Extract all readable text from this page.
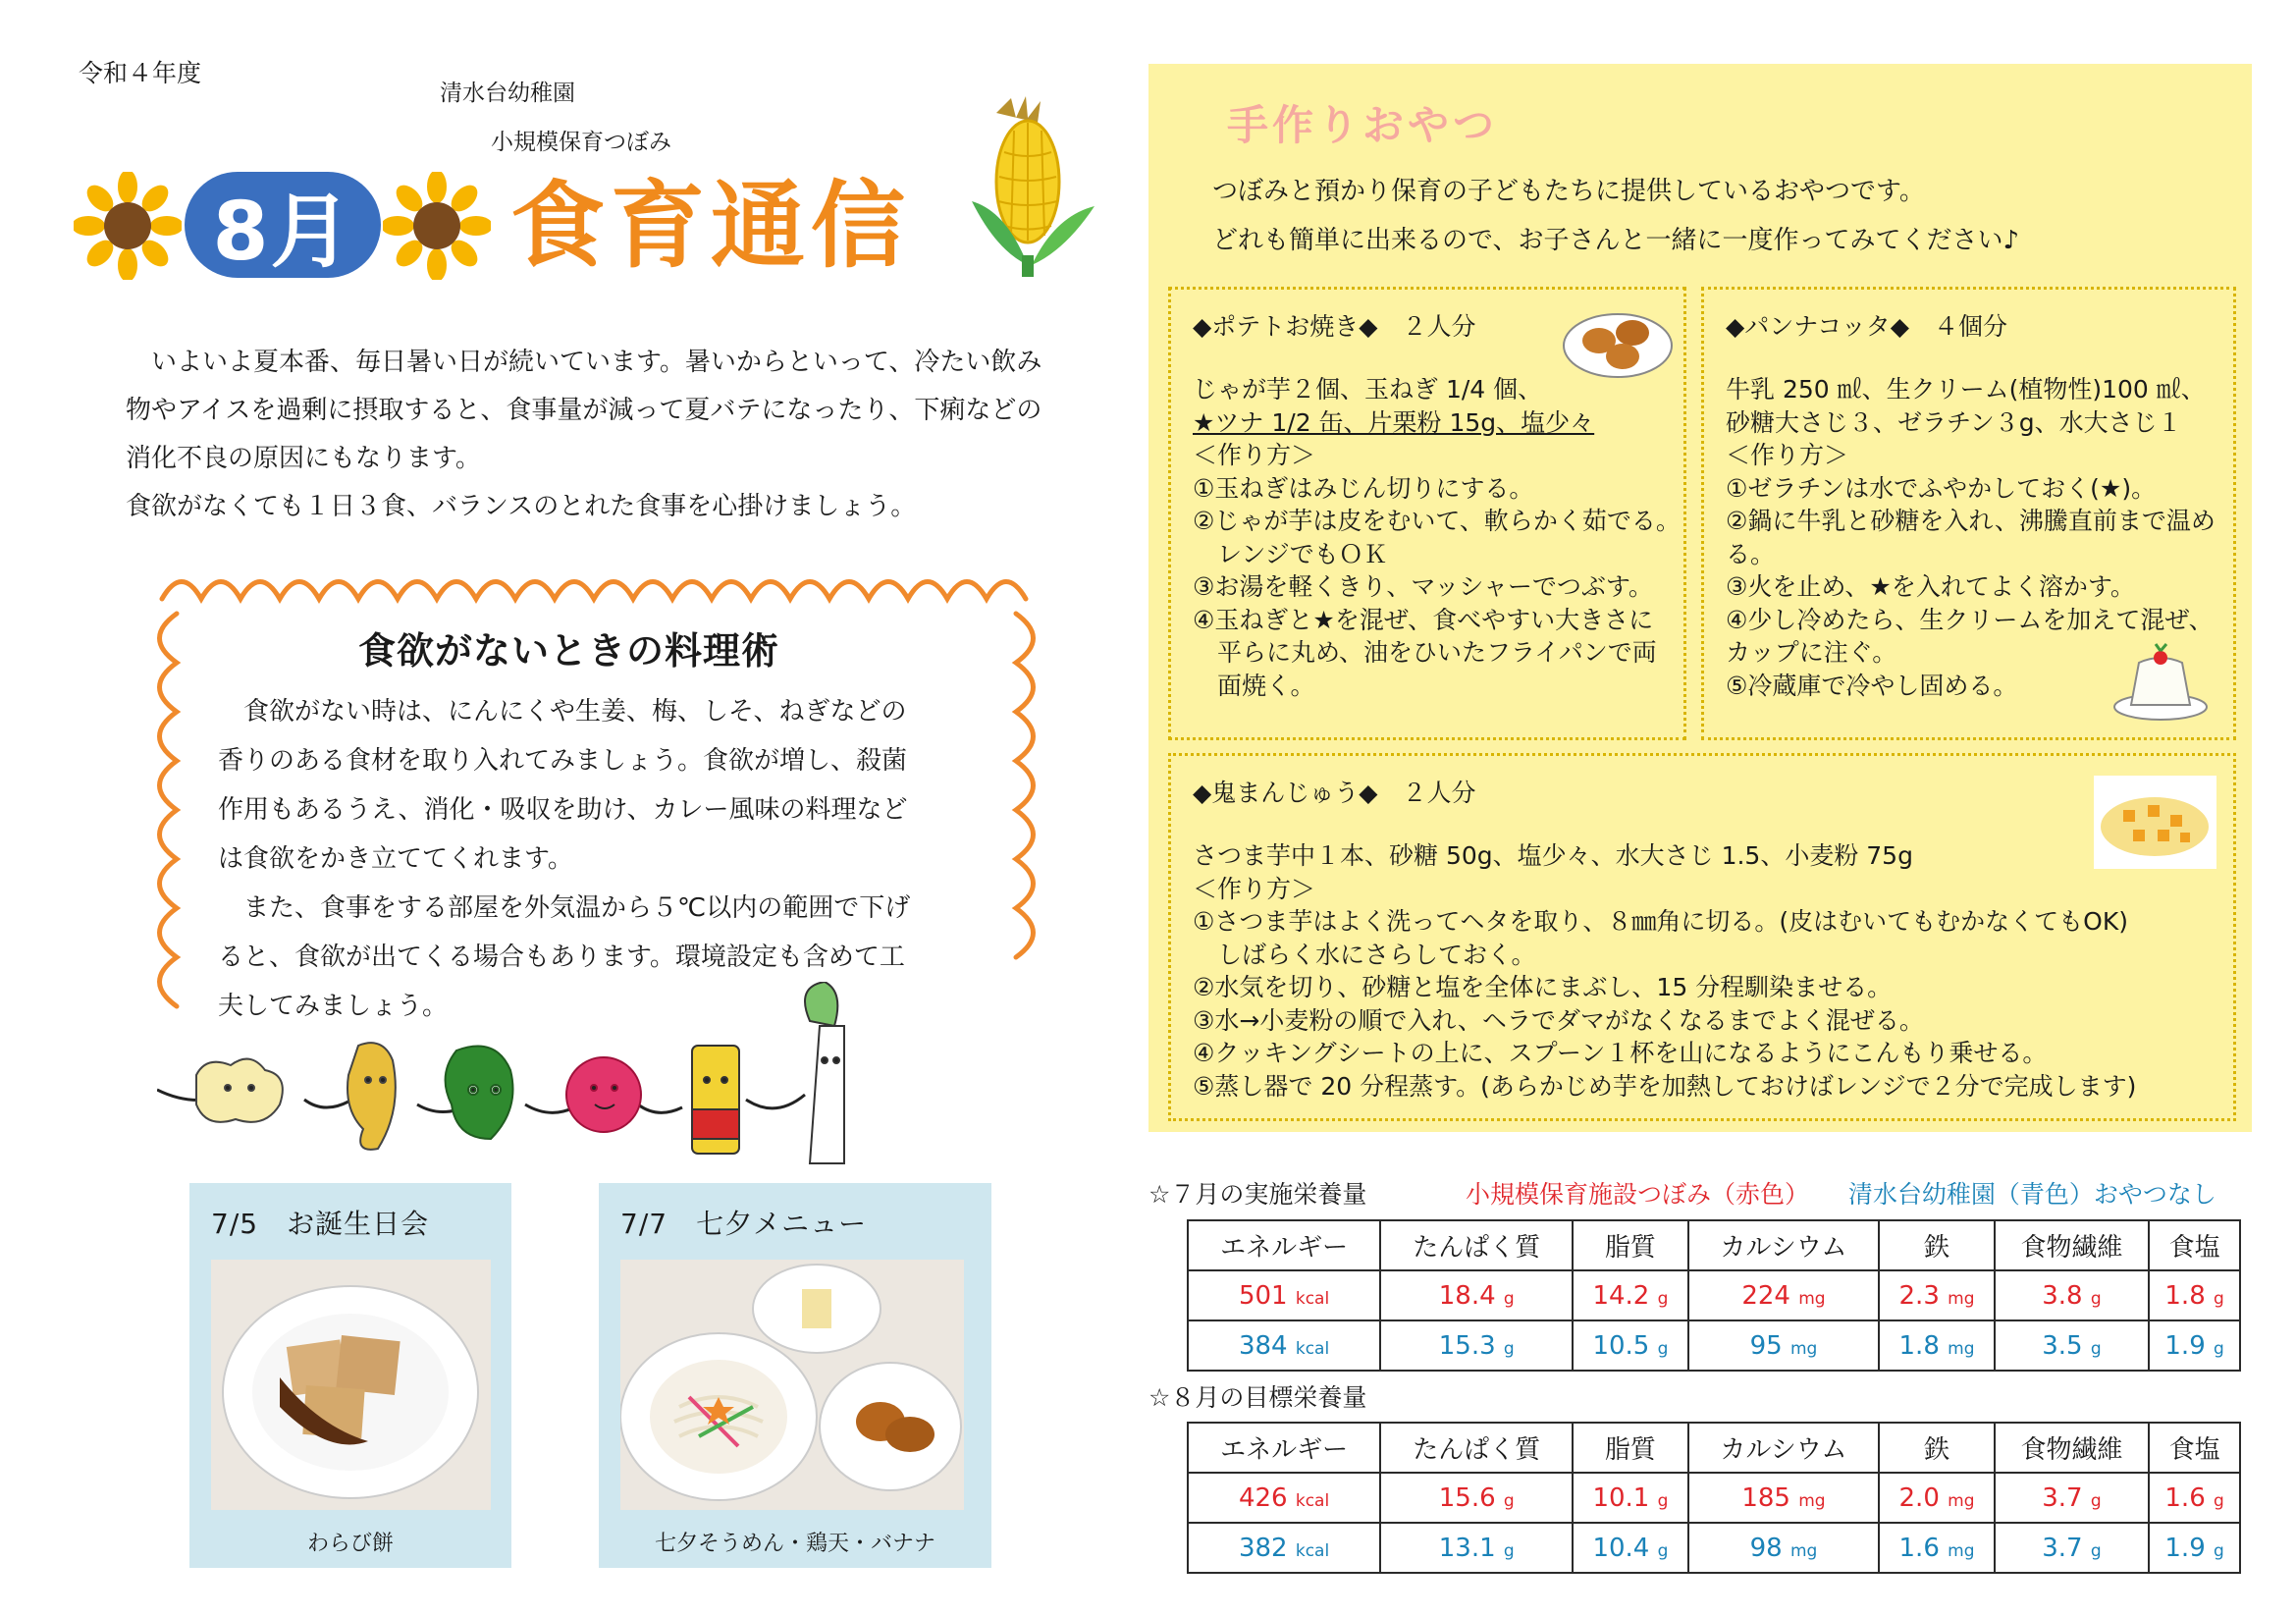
令和４年度
清水台幼稚園
小規模保育つぼみ
8月 食育通信

　いよいよ夏本番、毎日暑い日が続いています。暑いからといって、冷たい飲み

物やアイスを過剰に摂取すると、食事量が減って夏バテになったり、下痢などの

消化不良の原因にもなります。

食欲がなくても１日３食、バランスのとれた食事を心掛けましょう。

食欲がないときの料理術

　食欲がない時は、にんにくや生姜、梅、しそ、ねぎなどの

香りのある食材を取り入れてみましょう。食欲が増し、殺菌

作用もあるうえ、消化・吸収を助け、カレー風味の料理など

は食欲をかき立ててくれます。

　また、食事をする部屋を外気温から５℃以内の範囲で下げ

ると、食欲が出てくる場合もあります。環境設定も含めて工

夫してみましょう。

7/5　お誕生日会
わらび餅
7/7　七夕メニュー
七夕そうめん・鶏天・バナナ
手作りおやつ

つぼみと預かり保育の子どもたちに提供しているおやつです。

どれも簡単に出来るので、お子さんと一緒に一度作ってみてください♪

◆ポテトお焼き◆　２人分

じゃが芋２個、玉ねぎ 1/4 個、

★ツナ 1/2 缶、片栗粉 15g、塩少々

＜作り方＞

①玉ねぎはみじん切りにする。

②じゃが芋は皮をむいて、軟らかく茹でる。

　レンジでもＯＫ

③お湯を軽くきり、マッシャーでつぶす。

④玉ねぎと★を混ぜ、食べやすい大きさに

　平らに丸め、油をひいたフライパンで両

　面焼く。

◆パンナコッタ◆　４個分

牛乳 250 ㎖、生クリーム(植物性)100 ㎖、

砂糖大さじ３、ゼラチン３g、水大さじ１

＜作り方＞

①ゼラチンは水でふやかしておく(★)。

②鍋に牛乳と砂糖を入れ、沸騰直前まで温め

る。

③火を止め、★を入れてよく溶かす。

④少し冷めたら、生クリームを加えて混ぜ、

カップに注ぐ。

⑤冷蔵庫で冷やし固める。

◆鬼まんじゅう◆　２人分

さつま芋中１本、砂糖 50g、塩少々、水大さじ 1.5、小麦粉 75g

＜作り方＞

①さつま芋はよく洗ってヘタを取り、８㎜角に切る。(皮はむいてもむかなくてもOK)

　しばらく水にさらしておく。

②水気を切り、砂糖と塩を全体にまぶし、15 分程馴染ませる。

③水→小麦粉の順で入れ、ヘラでダマがなくなるまでよく混ぜる。

④クッキングシートの上に、スプーン１杯を山になるようにこんもり乗せる。

⑤蒸し器で 20 分程蒸す。(あらかじめ芋を加熱しておけばレンジで２分で完成します)

☆７月の実施栄養量	小規模保育施設つぼみ（赤色） 清水台幼稚園（青色）おやつなし
エネルギー	たんぱく質	脂質	カルシウム	鉄	食物繊維	食塩
501 kcal	18.4 g	14.2 g	224 mg	2.3 mg	3.8 g	1.8 g
384 kcal	15.3 g	10.5 g	95 mg	1.8 mg	3.5 g	1.9 g
☆８月の目標栄養量
エネルギー	たんぱく質	脂質	カルシウム	鉄	食物繊維	食塩
426 kcal	15.6 g	10.1 g	185 mg	2.0 mg	3.7 g	1.6 g
382 kcal	13.1 g	10.4 g	98 mg	1.6 mg	3.7 g	1.9 g
